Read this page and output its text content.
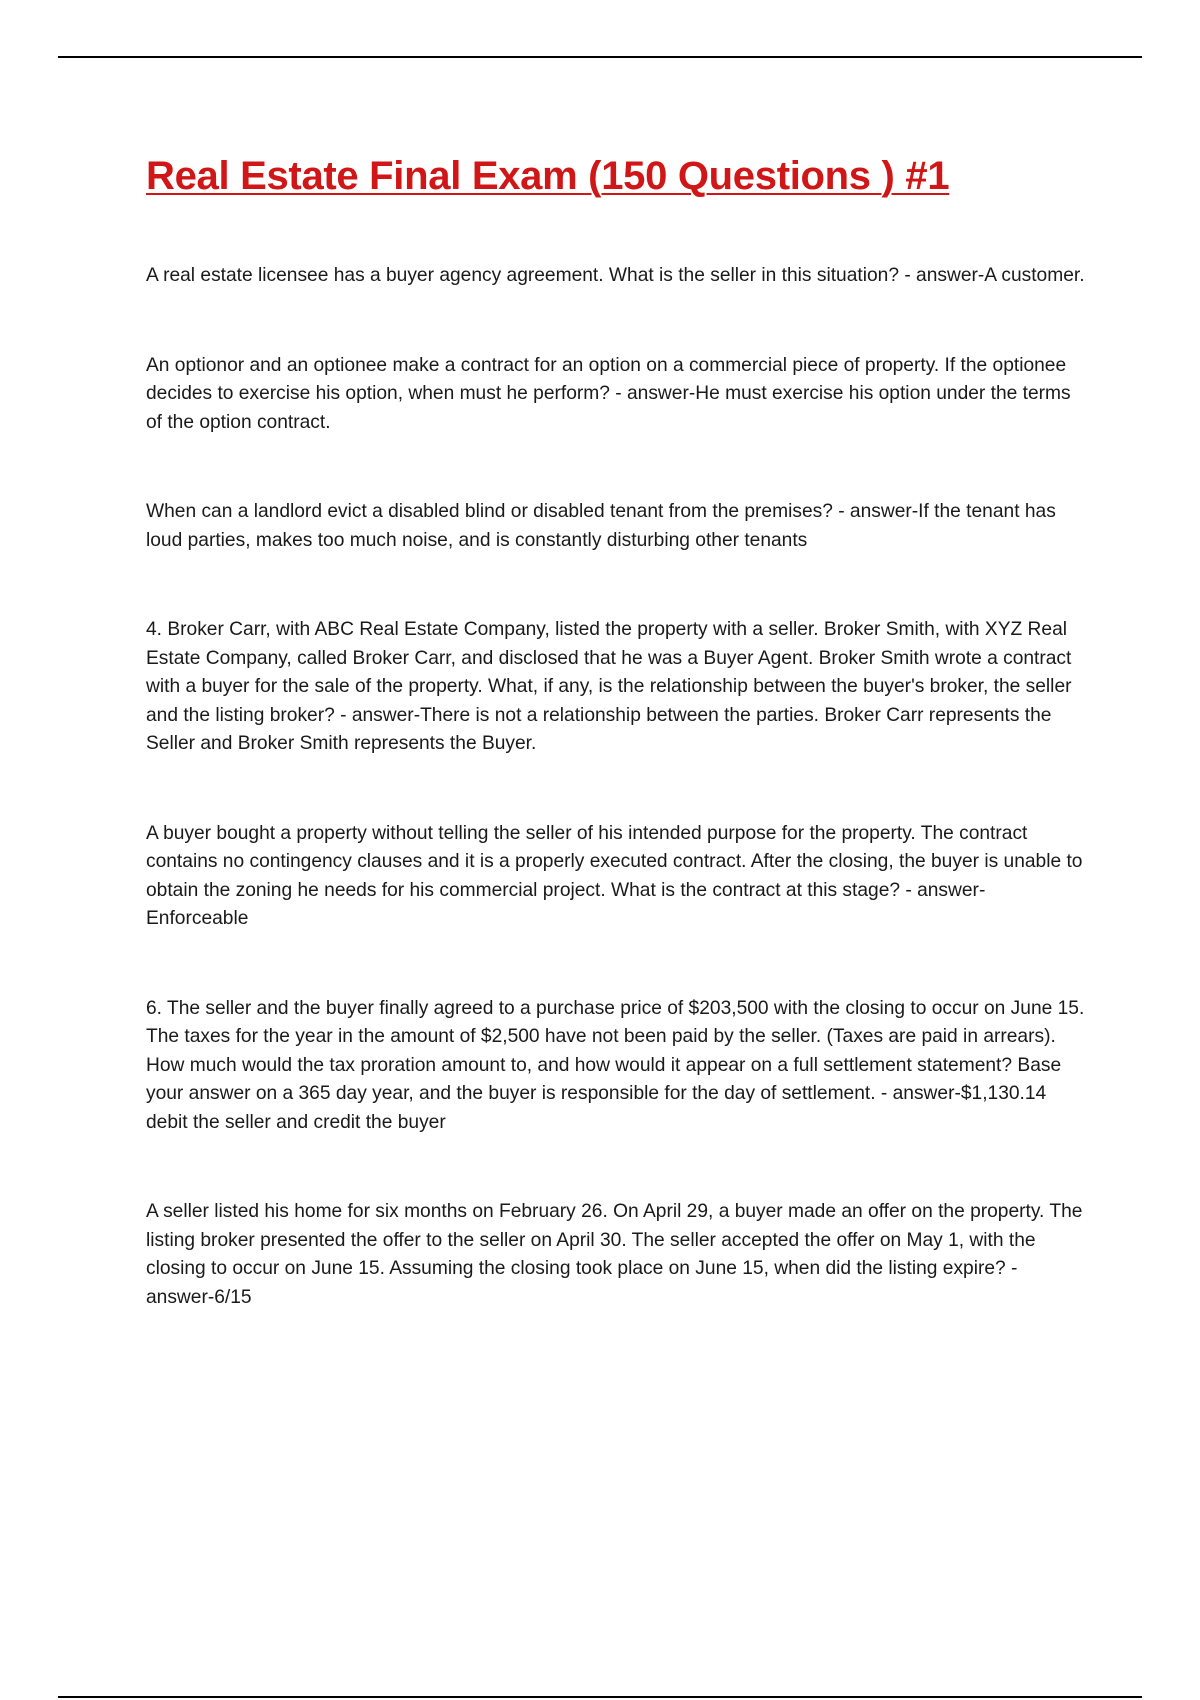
Real Estate Final Exam (150 Questions ) #1

A real estate licensee has a buyer agency agreement. What is the seller in this situation? - answer-A customer.

An optionor and an optionee make a contract for an option on a commercial piece of property. If the optionee decides to exercise his option, when must he perform? - answer-He must exercise his option under the terms of the option contract.

When can a landlord evict a disabled blind or disabled tenant from the premises? - answer-If the tenant has loud parties, makes too much noise, and is constantly disturbing other tenants

4. Broker Carr, with ABC Real Estate Company, listed the property with a seller. Broker Smith, with XYZ Real Estate Company, called Broker Carr, and disclosed that he was a Buyer Agent. Broker Smith wrote a contract with a buyer for the sale of the property. What, if any, is the relationship between the buyer's broker, the seller and the listing broker? - answer-There is not a relationship between the parties. Broker Carr represents the Seller and Broker Smith represents the Buyer.

A buyer bought a property without telling the seller of his intended purpose for the property. The contract contains no contingency clauses and it is a properly executed contract. After the closing, the buyer is unable to obtain the zoning he needs for his commercial project. What is the contract at this stage? - answer-Enforceable

6. The seller and the buyer finally agreed to a purchase price of $203,500 with the closing to occur on June 15. The taxes for the year in the amount of $2,500 have not been paid by the seller. (Taxes are paid in arrears). How much would the tax proration amount to, and how would it appear on a full settlement statement? Base your answer on a 365 day year, and the buyer is responsible for the day of settlement. - answer-$1,130.14 debit the seller and credit the buyer

A seller listed his home for six months on February 26. On April 29, a buyer made an offer on the property. The listing broker presented the offer to the seller on April 30. The seller accepted the offer on May 1, with the closing to occur on June 15. Assuming the closing took place on June 15, when did the listing expire? - answer-6/15
